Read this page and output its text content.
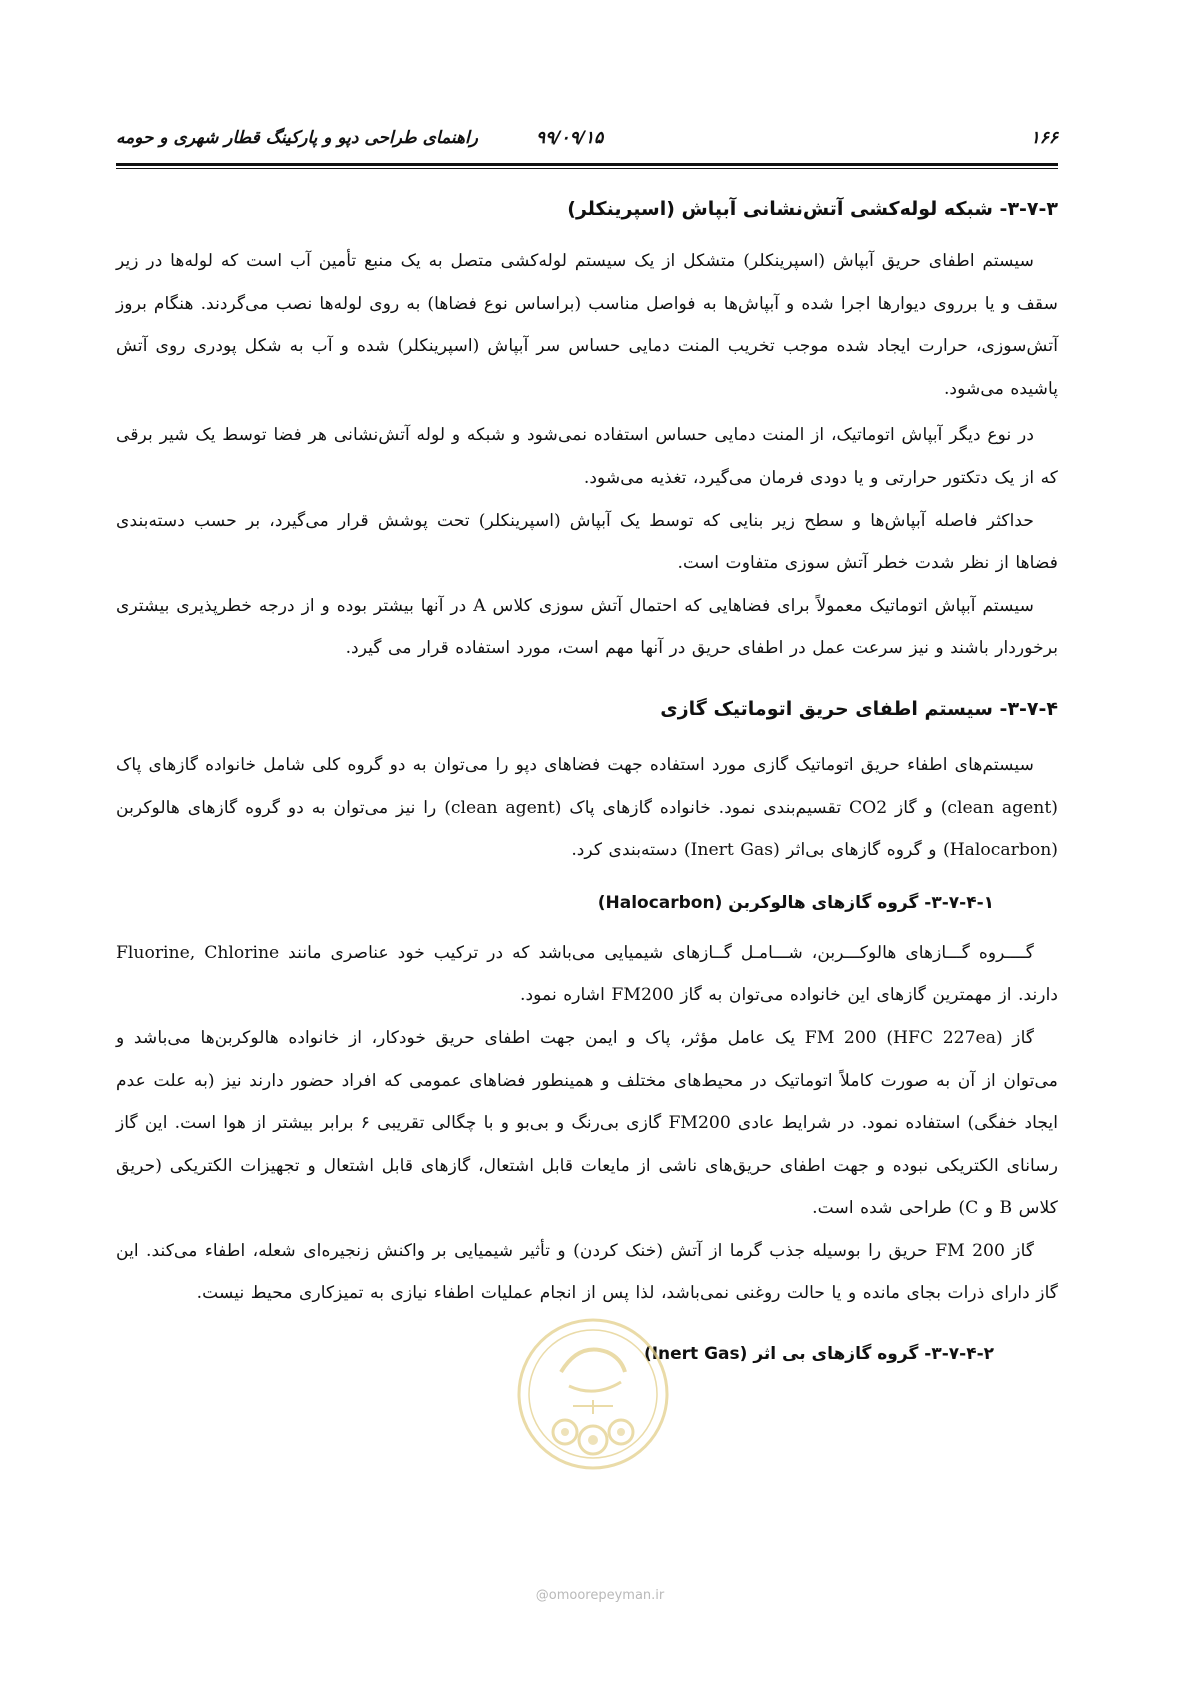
۱۶۶
۹۹/۰۹/۱۵
راهنمای طراحی دپو و پارکینگ قطار شهری و حومه
۳-۷-۳- شبکه لوله‌کشی آتش‌نشانی آبپاش (اسپرینکلر)

سیستم اطفای حریق آبپاش (اسپرینکلر) متشکل از یک سیستم لوله‌کشی متصل به یک منبع تأمین آب است که لوله‌ها در زیر سقف و یا برروی دیوارها اجرا شده و آبپاش‌ها به فواصل مناسب (براساس نوع فضاها) به روی لوله‌ها نصب می‌گردند. هنگام بروز آتش‌سوزی، حرارت ایجاد شده موجب تخریب المنت دمایی حساس سر آبپاش (اسپرینکلر) شده و آب به شکل پودری روی آتش پاشیده می‌شود.

در نوع دیگر آبپاش اتوماتیک، از المنت دمایی حساس استفاده نمی‌شود و شبکه و لوله آتش‌نشانی هر فضا توسط یک شیر برقی که از یک دتکتور حرارتی و یا دودی فرمان می‌گیرد، تغذیه می‌شود.

حداکثر فاصله آبپاش‌ها و سطح زیر بنایی که توسط یک آبپاش (اسپرینکلر) تحت پوشش قرار می‌گیرد، بر حسب دسته‌بندی فضاها از نظر شدت خطر آتش سوزی متفاوت است.

سیستم آبپاش اتوماتیک معمولاً برای فضاهایی که احتمال آتش سوزی کلاس A در آنها بیشتر بوده و از درجه خطرپذیری بیشتری برخوردار باشند و نیز سرعت عمل در اطفای حریق در آنها مهم است، مورد استفاده قرار می گیرد.

۳-۷-۴- سیستم اطفای حریق اتوماتیک گازی

سیستم‌های اطفاء حریق اتوماتیک گازی مورد استفاده جهت فضاهای دپو را می‌توان به دو گروه کلی شامل خانواده گازهای پاک (clean agent) و گاز CO2 تقسیم‌بندی نمود. خانواده گازهای پاک (clean agent) را نیز می‌توان به دو گروه گازهای هالوکربن (Halocarbon) و گروه گازهای بی‌اثر (Inert Gas) دسته‌بندی کرد.

۳-۷-۴-۱- گروه گازهای هالوکربن (Halocarbon)

گــــروه گـــازهای هالوکـــربن، شـــامـل گــازهای شیمیایی می‌باشد که در ترکیب خود عناصری مانند Fluorine, Chlorine دارند. از مهمترین گازهای این خانواده می‌توان به گاز FM200 اشاره نمود.

گاز FM 200 (HFC 227ea) یک عامل مؤثر، پاک و ایمن جهت اطفای حریق خودکار، از خانواده هالوکربن‌ها می‌باشد و می‌توان از آن به صورت کاملاً اتوماتیک در محیط‌های مختلف و همینطور فضاهای عمومی که افراد حضور دارند نیز (به علت عدم ایجاد خفگی) استفاده نمود. در شرایط عادی FM200 گازی بی‌رنگ و بی‌بو و با چگالی تقریبی ۶ برابر بیشتر از هوا است. این گاز رسانای الکتریکی نبوده و جهت اطفای حریق‌های ناشی از مایعات قابل اشتعال، گازهای قابل اشتعال و تجهیزات الکتریکی (حریق کلاس B و C) طراحی شده است.

گاز FM 200 حریق را بوسیله جذب گرما از آتش (خنک کردن) و تأثیر شیمیایی بر واکنش زنجیره‌ای شعله، اطفاء می‌کند. این گاز دارای ذرات بجای مانده و یا حالت روغنی نمی‌باشد، لذا پس از انجام عملیات اطفاء نیازی به تمیزکاری محیط نیست.

۳-۷-۴-۲- گروه گازهای بی اثر (Inert Gas)
@omoorepeyman.ir
